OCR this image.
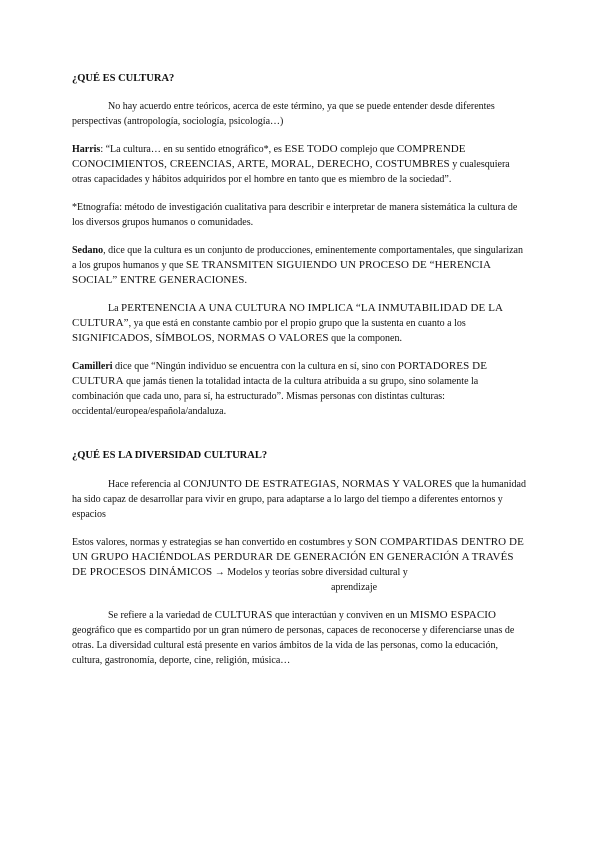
¿QUÉ ES CULTURA?

No hay acuerdo entre teóricos, acerca de este término, ya que se puede entender desde diferentes perspectivas (antropología, sociología, psicología…)

Harris: “La cultura… en su sentido etnográfico*, es ESE TODO complejo que COMPRENDE CONOCIMIENTOS, CREENCIAS, ARTE, MORAL, DERECHO, COSTUMBRES y cualesquiera otras capacidades y hábitos adquiridos por el hombre en tanto que es miembro de la sociedad”.

*Etnografía: método de investigación cualitativa para describir e interpretar de manera sistemática la cultura de los diversos grupos humanos o comunidades.

Sedano, dice que la cultura es un conjunto de producciones, eminentemente comportamentales, que singularizan a los grupos humanos y que SE TRANSMITEN SIGUIENDO UN PROCESO DE “HERENCIA SOCIAL” ENTRE GENERACIONES.

La PERTENENCIA A UNA CULTURA NO IMPLICA “LA INMUTABILIDAD DE LA CULTURA”, ya que está en constante cambio por el propio grupo que la sustenta en cuanto a los SIGNIFICADOS, SÍMBOLOS, NORMAS O VALORES que la componen.

Camilleri dice que “Ningún individuo se encuentra con la cultura en sí, sino con PORTADORES DE CULTURA que jamás tienen la totalidad intacta de la cultura atribuida a su grupo, sino solamente la combinación que cada uno, para sí, ha estructurado”. Mismas personas con distintas culturas: occidental/europea/española/andaluza.

¿QUÉ ES LA DIVERSIDAD CULTURAL?

Hace referencia al CONJUNTO DE ESTRATEGIAS, NORMAS Y VALORES que la humanidad ha sido capaz de desarrollar para vivir en grupo, para adaptarse a lo largo del tiempo a diferentes entornos y espacios

Estos valores, normas y estrategias se han convertido en costumbres y SON COMPARTIDAS DENTRO DE UN GRUPO HACIÉNDOLAS PERDURAR DE GENERACIÓN EN GENERACIÓN A TRAVÉS DE PROCESOS DINÁMICOS → Modelos y teorías sobre diversidad cultural y

aprendizaje

Se refiere a la variedad de CULTURAS que interactúan y conviven en un MISMO ESPACIO geográfico que es compartido por un gran número de personas, capaces de reconocerse y diferenciarse unas de otras. La diversidad cultural está presente en varios ámbitos de la vida de las personas, como la educación, cultura, gastronomía, deporte, cine, religión, música…
